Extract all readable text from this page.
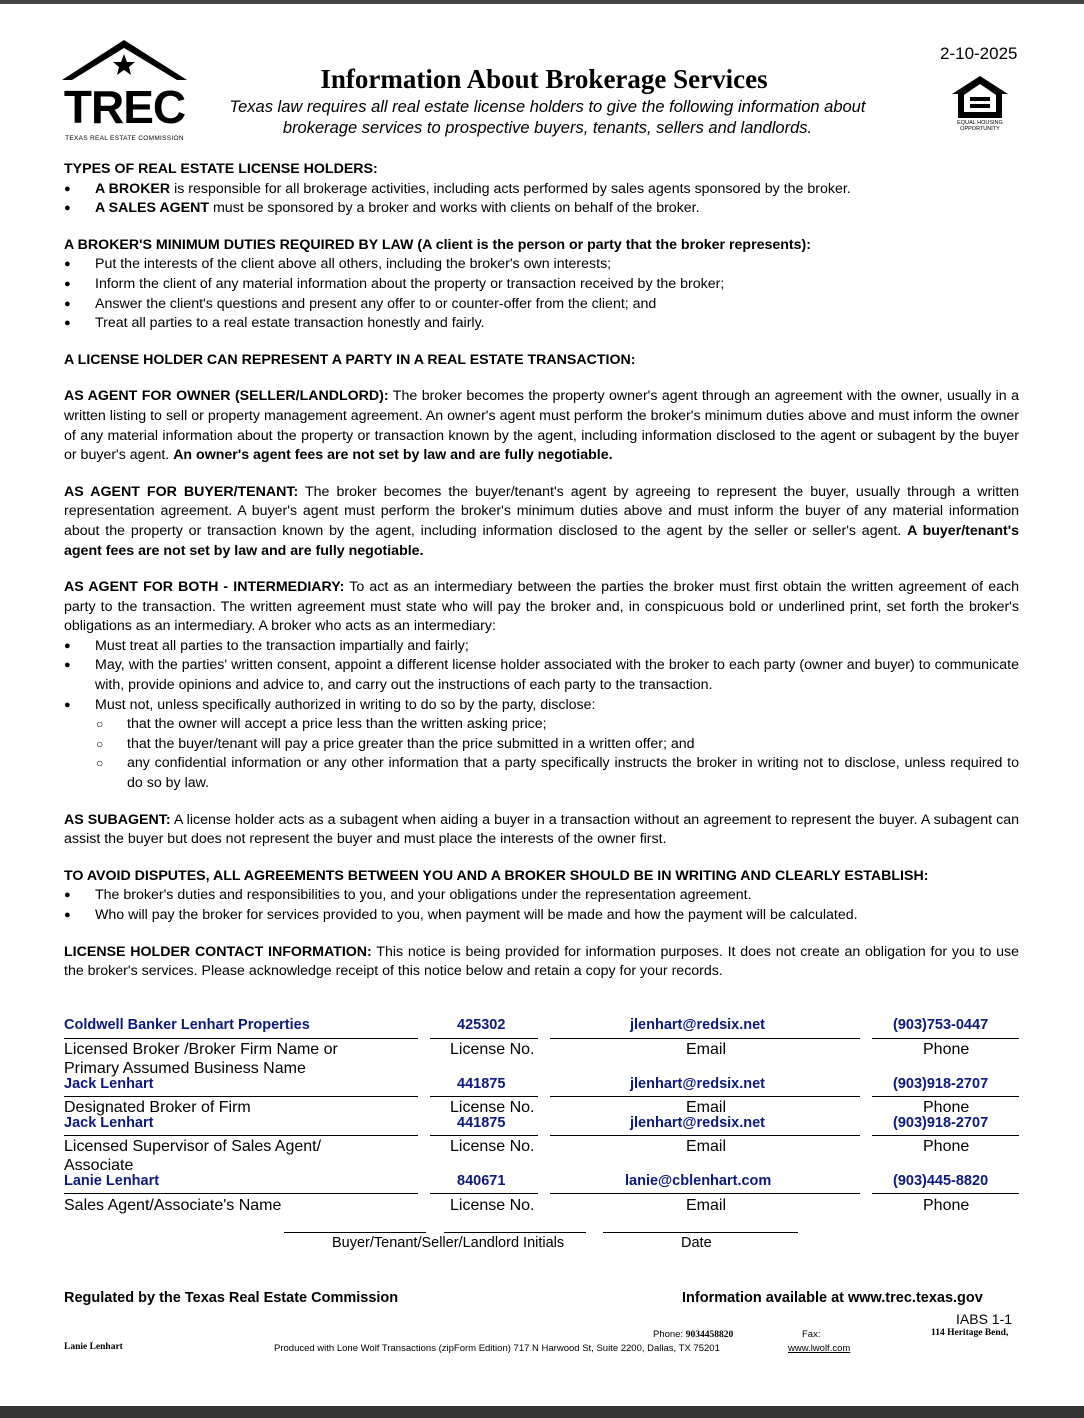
TREC
TEXAS REAL ESTATE COMMISSION
2-10-2025
Information About Brokerage Services
Texas law requires all real estate license holders to give the following information about brokerage services to prospective buyers, tenants, sellers and landlords.	EQUAL HOUSING OPPORTUNITY
TYPES OF REAL ESTATE LICENSE HOLDERS:
● A BROKER is responsible for all brokerage activities, including acts performed by sales agents sponsored by the broker.
● A SALES AGENT must be sponsored by a broker and works with clients on behalf of the broker.
A BROKER'S MINIMUM DUTIES REQUIRED BY LAW (A client is the person or party that the broker represents):
● Put the interests of the client above all others, including the broker's own interests;
● Inform the client of any material information about the property or transaction received by the broker;
● Answer the client's questions and present any offer to or counter-offer from the client; and
● Treat all parties to a real estate transaction honestly and fairly.
A LICENSE HOLDER CAN REPRESENT A PARTY IN A REAL ESTATE TRANSACTION:
AS AGENT FOR OWNER (SELLER/LANDLORD): The broker becomes the property owner's agent through an agreement with the owner, usually in a written listing to sell or property management agreement. An owner's agent must perform the broker's minimum duties above and must inform the owner of any material information about the property or transaction known by the agent, including information disclosed to the agent or subagent by the buyer or buyer's agent. An owner's agent fees are not set by law and are fully negotiable.
AS AGENT FOR BUYER/TENANT: The broker becomes the buyer/tenant's agent by agreeing to represent the buyer, usually through a written representation agreement. A buyer's agent must perform the broker's minimum duties above and must inform the buyer of any material information about the property or transaction known by the agent, including information disclosed to the agent by the seller or seller's agent. A buyer/tenant's agent fees are not set by law and are fully negotiable.
AS AGENT FOR BOTH - INTERMEDIARY: To act as an intermediary between the parties the broker must first obtain the written agreement of each party to the transaction. The written agreement must state who will pay the broker and, in conspicuous bold or underlined print, set forth the broker's obligations as an intermediary. A broker who acts as an intermediary:
● Must treat all parties to the transaction impartially and fairly;
● May, with the parties' written consent, appoint a different license holder associated with the broker to each party (owner and buyer) to communicate with, provide opinions and advice to, and carry out the instructions of each party to the transaction.
● Must not, unless specifically authorized in writing to do so by the party, disclose:
○ that the owner will accept a price less than the written asking price;
○ that the buyer/tenant will pay a price greater than the price submitted in a written offer; and
○ any confidential information or any other information that a party specifically instructs the broker in writing not to disclose, unless required to do so by law.
AS SUBAGENT: A license holder acts as a subagent when aiding a buyer in a transaction without an agreement to represent the buyer. A subagent can assist the buyer but does not represent the buyer and must place the interests of the owner first.
TO AVOID DISPUTES, ALL AGREEMENTS BETWEEN YOU AND A BROKER SHOULD BE IN WRITING AND CLEARLY ESTABLISH:
● The broker's duties and responsibilities to you, and your obligations under the representation agreement.
● Who will pay the broker for services provided to you, when payment will be made and how the payment will be calculated.
LICENSE HOLDER CONTACT INFORMATION: This notice is being provided for information purposes. It does not create an obligation for you to use the broker's services. Please acknowledge receipt of this notice below and retain a copy for your records.
Coldwell Banker Lenhart Properties	425302	jlenhart@redsix.net	(903)753-0447
Licensed Broker /Broker Firm Name or
Primary Assumed Business Name
License No.	Email	Phone
Jack Lenhart	441875	jlenhart@redsix.net	(903)918-2707
Designated Broker of Firm	License No.	Email	Phone
Jack Lenhart	441875	jlenhart@redsix.net	(903)918-2707
Licensed Supervisor of Sales Agent/
Associate
License No.	Email	Phone
Lanie Lenhart	840671	lanie@cblenhart.com	(903)445-8820
Sales Agent/Associate's Name	License No.	Email	Phone
Buyer/Tenant/Seller/Landlord Initials	Date
Regulated by the Texas Real Estate Commission	Information available at www.trec.texas.gov
IABS 1-1
Phone: 9034458820	Fax:	114 Heritage Bend,
Lanie Lenhart	Produced with Lone Wolf Transactions (zipForm Edition) 717 N Harwood St, Suite 2200, Dallas, TX 75201	www.lwolf.com
